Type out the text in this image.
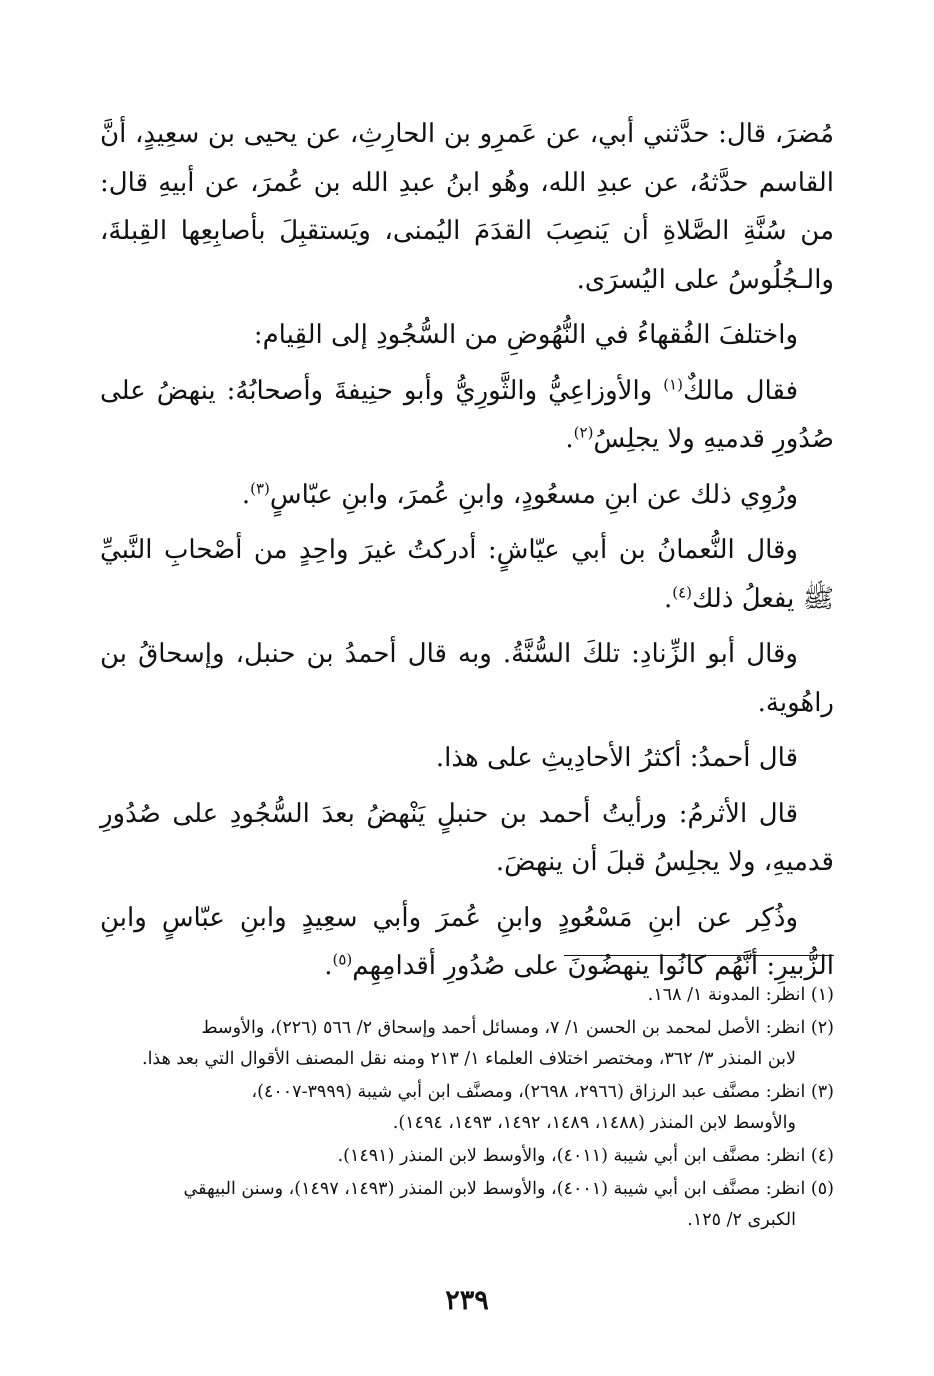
مُضرَ، قال: حدَّثني أبي، عن عَمرِو بن الحارِثِ، عن يحيى بن سعِيدٍ، أنَّ القاسم حدَّثهُ، عن عبدِ الله، وهُو ابنُ عبدِ الله بن عُمرَ، عن أبيهِ قال: من سُنَّةِ الصَّلاةِ أن يَنصِبَ القدَمَ اليُمنى، ويَستقبِلَ بأصابِعِها القِبلةَ، والـجُلُوسُ على اليُسرَى.

واختلفَ الفُقهاءُ في النُّهُوضِ من السُّجُودِ إلى القِيام:

فقال مالكٌ$^{(١)}$ والأوزاعِيُّ والثَّورِيُّ وأبو حنِيفةَ وأصحابُهُ: ينهضُ على صُدُورِ قدميهِ ولا يجلِسُ$^{(٢)}$.

ورُوِي ذلك عن ابنِ مسعُودٍ، وابنِ عُمرَ، وابنِ عبّاسٍ$^{(٣)}$.

وقال النُّعمانُ بن أبي عيّاشٍ: أدركتُ غيرَ واحِدٍ من أصْحابِ النَّبيِّ ﷺ يفعلُ ذلك$^{(٤)}$.

وقال أبو الزِّنادِ: تلكَ السُّنَّةُ. وبه قال أحمدُ بن حنبل، وإسحاقُ بن راهُوية.

قال أحمدُ: أكثرُ الأحادِيثِ على هذا.

قال الأثرمُ: ورأيتُ أحمد بن حنبلٍ يَنْهضُ بعدَ السُّجُودِ على صُدُورِ قدميهِ، ولا يجلِسُ قبلَ أن ينهضَ.

وذُكِر عن ابنِ مَسْعُودٍ وابنِ عُمرَ وأبي سعِيدٍ وابنِ عبّاسٍ وابنِ الزُّبيرِ: أنَّهُم كانُوا ينهضُونَ على صُدُورِ أقدامِهِم$^{(٥)}$.

(١) انظر: المدونة ١/ ١٦٨.

(٢) انظر: الأصل لمحمد بن الحسن ١/ ٧، ومسائل أحمد وإسحاق ٢/ ٥٦٦ (٢٢٦)، والأوسط
لابن المنذر ٣/ ٣٦٢، ومختصر اختلاف العلماء ١/ ٢١٣ ومنه نقل المصنف الأقوال التي بعد هذا.

(٣) انظر: مصنَّف عبد الرزاق (٢٩٦٦، ٢٦٩٨)، ومصنَّف ابن أبي شيبة (٣٩٩٩-٤٠٠٧)،
والأوسط لابن المنذر (١٤٨٨، ١٤٨٩، ١٤٩٢، ١٤٩٣، ١٤٩٤).

(٤) انظر: مصنَّف ابن أبي شيبة (٤٠١١)، والأوسط لابن المنذر (١٤٩١).

(٥) انظر: مصنَّف ابن أبي شيبة (٤٠٠١)، والأوسط لابن المنذر (١٤٩٣، ١٤٩٧)، وسنن البيهقي
الكبرى ٢/ ١٢٥.

٢٣٩
